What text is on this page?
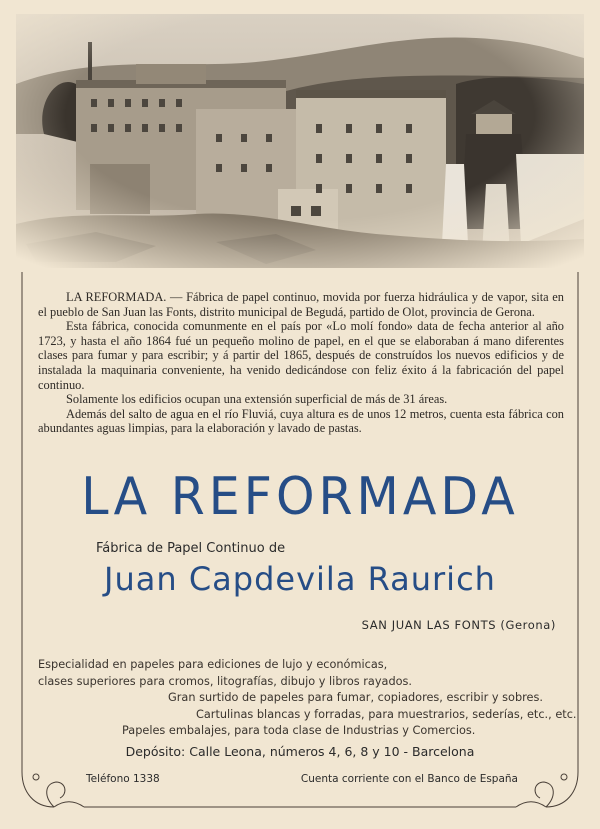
LA REFORMADA. — Fábrica de papel continuo, movida por fuerza hidráulica y de vapor, sita en el pueblo de San Juan las Fonts, distrito municipal de Begudá, partido de Olot, provincia de Gerona.

Esta fábrica, conocida comunmente en el país por «Lo molí fondo» data de fecha anterior al año 1723, y hasta el año 1864 fué un pequeño molino de papel, en el que se elaboraban á mano diferentes clases para fumar y para escribir; y á partir del 1865, después de construídos los nuevos edificios y de instalada la maquinaria conveniente, ha venido dedicándose con feliz éxito á la fabricación del papel continuo.

Solamente los edificios ocupan una extensión superficial de más de 31 áreas.

Además del salto de agua en el río Fluviá, cuya altura es de unos 12 metros, cuenta esta fábrica con abundantes aguas limpias, para la elaboración y lavado de pastas.

LA REFORMADA
Fábrica de Papel Continuo de
Juan Capdevila Raurich
SAN JUAN LAS FONTS (Gerona)
Especialidad en papeles para ediciones de lujo y económicas,
clases superiores para cromos, litografías, dibujo y libros rayados.
Gran surtido de papeles para fumar, copiadores, escribir y sobres.
Cartulinas blancas y forradas, para muestrarios, sederías, etc., etc.
Papeles embalajes, para toda clase de Industrias y Comercios.
Depósito: Calle Leona, números 4, 6, 8 y 10 - Barcelona
Teléfono 1338	Cuenta corriente con el Banco de España
